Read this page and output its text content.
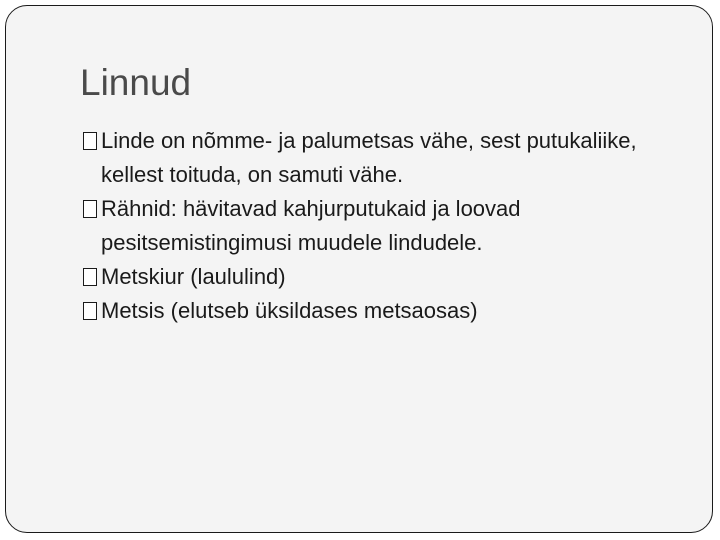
Linnud
Linde on nõmme- ja palumetsas vähe, sest putukaliike, kellest toituda, on samuti vähe.
Rähnid: hävitavad kahjurputukaid ja loovad pesitsemistingimusi muudele lindudele.
Metskiur (laululind)
Metsis (elutseb üksildases metsaosas)
